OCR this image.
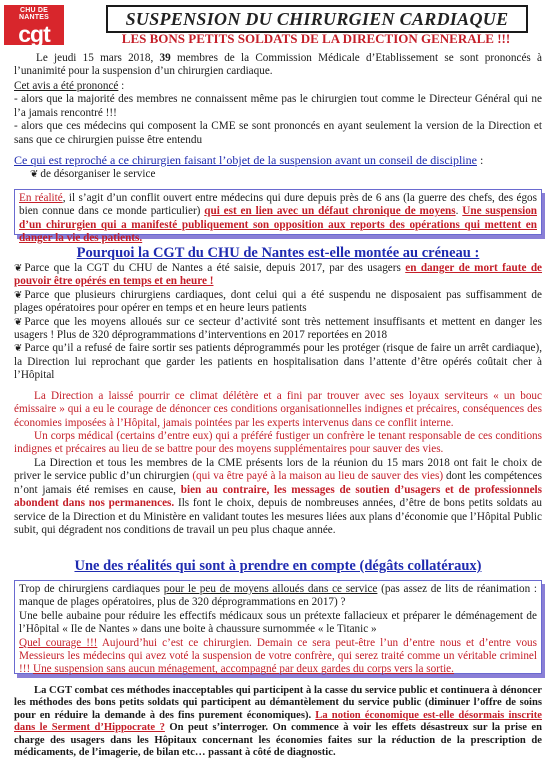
CHU DE NANTES
cgt
SUSPENSION DU CHIRURGIEN CARDIAQUE
LES BONS PETITS SOLDATS DE LA DIRECTION GENERALE !!!
Le jeudi 15 mars 2018, 39 membres de la Commission Médicale d’Etablissement se sont prononcés à l’unanimité pour la suspension d’un chirurgien cardiaque.
Cet avis a été prononcé :
- alors que la majorité des membres ne connaissent même pas le chirurgien tout comme le Directeur Général qui ne l’a jamais rencontré !!!
- alors que ces médecins qui composent la CME se sont prononcés en ayant seulement la version de la Direction et sans que ce chirurgien puisse être entendu
Ce qui est reproché a ce chirurgien faisant l’objet de la suspension avant un conseil de discipline :
❦ de désorganiser le service
En réalité, il s’agit d’un conflit ouvert entre médecins qui dure depuis près de 6 ans (la guerre des chefs, des égos bien connue dans ce monde particulier) qui est en lien avec un défaut chronique de moyens. Une suspension d’un chirurgien qui a manifesté publiquement son opposition aux reports des opérations qui mettent en danger la vie des patients.
Pourquoi la CGT du CHU de Nantes est-elle montée au créneau :
❦ Parce que la CGT du CHU de Nantes a été saisie, depuis 2017, par des usagers en danger de mort faute de pouvoir être opérés en temps et en heure !
❦ Parce que plusieurs chirurgiens cardiaques, dont celui qui a été suspendu ne disposaient pas suffisamment de plages opératoires pour opérer en temps et en heure leurs patients
❦ Parce que les moyens alloués sur ce secteur d’activité sont très nettement insuffisants et mettent en danger les usagers ! Plus de 320 déprogrammations d’interventions en 2017 reportées en 2018
❦ Parce qu’il a refusé de faire sortir ses patients déprogrammés pour les protéger (risque de faire un arrêt cardiaque), la Direction lui reprochant que garder les patients en hospitalisation dans l’attente d’être opérés coûtait cher à l’Hôpital
La Direction a laissé pourrir ce climat délétère et a fini par trouver avec ses loyaux serviteurs « un bouc émissaire » qui a eu le courage de dénoncer ces conditions organisationnelles indignes et précaires, conséquences des économies imposées à l’Hôpital, jamais pointées par les experts intervenus dans ce conflit interne.
Un corps médical (certains d’entre eux) qui a préféré fustiger un confrère le tenant responsable de ces conditions indignes et précaires au lieu de se battre pour des moyens supplémentaires pour sauver des vies.
La Direction et tous les membres de la CME présents lors de la réunion du 15 mars 2018 ont fait le choix de priver le service public d’un chirurgien (qui va être payé à la maison au lieu de sauver des vies) dont les compétences n’ont jamais été remises en cause, bien au contraire, les messages de soutien d’usagers et de professionnels abondent dans nos permanences. Ils font le choix, depuis de nombreuses années, d’être de bons petits soldats au service de la Direction et du Ministère en validant toutes les mesures liées aux plans d’économie que l’Hôpital Public subit, qui dégradent nos conditions de travail un peu plus chaque année.
Une des réalités qui sont à prendre en compte (dégâts collatéraux)
Trop de chirurgiens cardiaques pour le peu de moyens alloués dans ce service (pas assez de lits de réanimation : manque de plages opératoires, plus de 320 déprogrammations en 2017) ?
Une belle aubaine pour réduire les effectifs médicaux sous un prétexte fallacieux et préparer le déménagement de l’Hôpital « Ile de Nantes » dans une boite à chaussure surnommée « le Titanic »
Quel courage !!! Aujourd’hui c’est ce chirurgien. Demain ce sera peut-être l’un d’entre nous et d’entre vous Messieurs les médecins qui avez voté la suspension de votre confrère, qui serez traité comme un véritable criminel !!! Une suspension sans aucun ménagement, accompagné par deux gardes du corps vers la sortie.
La CGT combat ces méthodes inacceptables qui participent à la casse du service public et continuera à dénoncer les méthodes des bons petits soldats qui participent au démantèlement du service public (diminuer l’offre de soins pour en réduire la demande à des fins purement économiques). La notion économique est-elle désormais inscrite dans le Serment d’Hippocrate ? On peut s’interroger. On commence à voir les effets désastreux sur la prise en charge des usagers dans les Hôpitaux concernant les économies faites sur la réduction de la prescription de médicaments, de l’imagerie, de bilan etc… passant à côté de diagnostic.
